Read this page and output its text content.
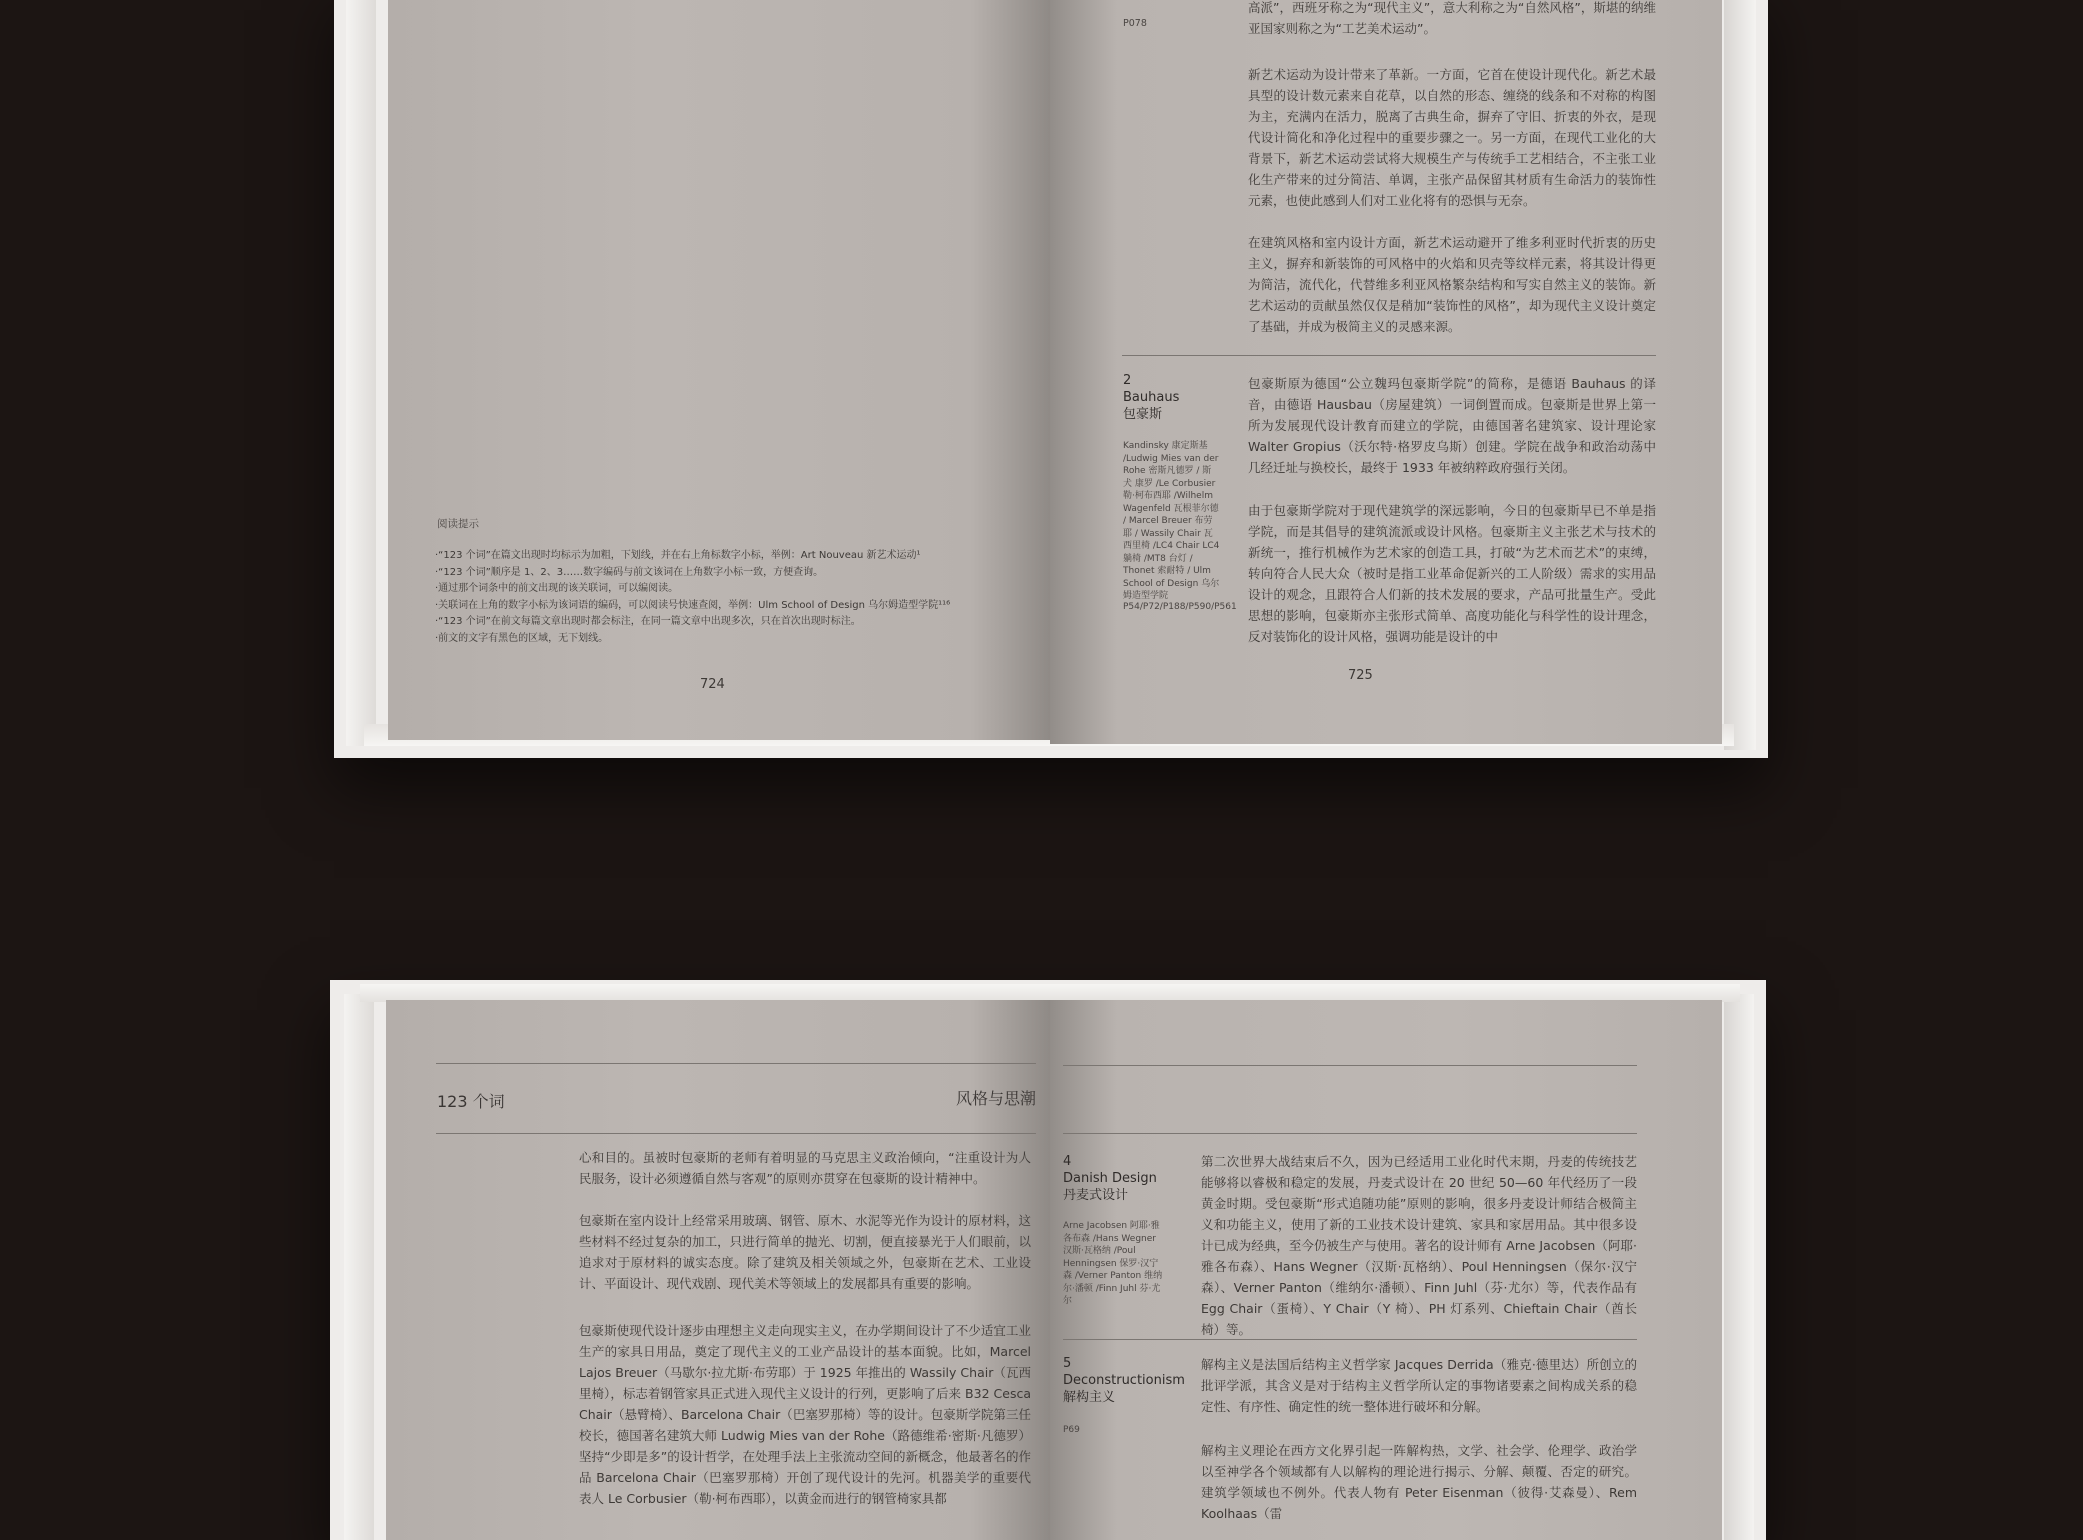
阅读提示
·“123 个词”在篇文出现时均标示为加粗，下划线，并在右上角标数字小标，举例：Art Nouveau 新艺术运动¹
·“123 个词”顺序是 1、2、3……数字编码与前文该词在上角数字小标一致，方便查询。
·通过那个词条中的前文出现的该关联词，可以编阅读。
·关联词在上角的数字小标为该词语的编码，可以阅读号快速查阅，举例：Ulm School of Design 乌尔姆造型学院¹¹⁶
·“123 个词”在前文每篇文章出现时都会标注，在同一篇文章中出现多次，只在首次出现时标注。
·前文的文字有黑色的区域，无下划线。
724
P078
高派”，西班牙称之为“现代主义”，意大利称之为“自然风格”，斯堪的纳维亚国家则称之为“工艺美术运动”。
新艺术运动为设计带来了革新。一方面，它首在使设计现代化。新艺术最具型的设计数元素来自花草，以自然的形态、缠绕的线条和不对称的构图为主，充满内在活力，脱离了古典生命，摒弃了守旧、折衷的外衣，是现代设计简化和净化过程中的重要步骤之一。另一方面，在现代工业化的大背景下，新艺术运动尝试将大规模生产与传统手工艺相结合，不主张工业化生产带来的过分简洁、单调，主张产品保留其材质有生命活力的装饰性元素，也使此感到人们对工业化将有的恐惧与无奈。
在建筑风格和室内设计方面，新艺术运动避开了维多利亚时代折衷的历史主义，摒弃和新装饰的可风格中的火焰和贝壳等纹样元素，将其设计得更为简洁，流代化，代替维多利亚风格繁杂结构和写实自然主义的装饰。新艺术运动的贡献虽然仅仅是稍加“装饰性的风格”，却为现代主义设计奠定了基础，并成为极简主义的灵感来源。
2
Bauhaus
包豪斯
Kandinsky 康定斯基 /Ludwig Mies van der Rohe 密斯凡德罗 / 斯 犬 康罗 /Le Corbusier 勒·柯布西耶 /Wilhelm Wagenfeld 瓦根菲尔德 / Marcel Breuer 布劳耶 / Wassily Chair 瓦西里椅 /LC4 Chair LC4 躺椅 /MT8 台灯 / Thonet 索耐特 / Ulm School of Design 乌尔姆造型学院
P54/P72/P188/P590/P561
包豪斯原为德国“公立魏玛包豪斯学院”的简称，是德语 Bauhaus 的译音，由德语 Hausbau（房屋建筑）一词倒置而成。包豪斯是世界上第一所为发展现代设计教育而建立的学院，由德国著名建筑家、设计理论家 Walter Gropius（沃尔特·格罗皮乌斯）创建。学院在战争和政治动荡中几经迁址与换校长，最终于 1933 年被纳粹政府强行关闭。
由于包豪斯学院对于现代建筑学的深远影响，今日的包豪斯早已不单是指学院，而是其倡导的建筑流派或设计风格。包豪斯主义主张艺术与技术的新统一，推行机械作为艺术家的创造工具，打破“为艺术而艺术”的束缚，转向符合人民大众（被时是指工业革命促新兴的工人阶级）需求的实用品设计的观念，且跟符合人们新的技术发展的要求，产品可批量生产。受此思想的影响，包豪斯亦主张形式简单、高度功能化与科学性的设计理念，反对装饰化的设计风格，强调功能是设计的中
725
123 个词	风格与思潮
心和目的。虽被时包豪斯的老师有着明显的马克思主义政治倾向，“注重设计为人民服务，设计必须遵循自然与客观”的原则亦贯穿在包豪斯的设计精神中。
包豪斯在室内设计上经常采用玻璃、钢管、原木、水泥等光作为设计的原材料，这些材料不经过复杂的加工，只进行简单的抛光、切割，便直接暴光于人们眼前，以追求对于原材料的诚实态度。除了建筑及相关领域之外，包豪斯在艺术、工业设计、平面设计、现代戏剧、现代美术等领域上的发展都具有重要的影响。
包豪斯使现代设计逐步由理想主义走向现实主义，在办学期间设计了不少适宜工业生产的家具日用品，奠定了现代主义的工业产品设计的基本面貌。比如，Marcel Lajos Breuer（马歇尔·拉尤斯·布劳耶）于 1925 年推出的 Wassily Chair（瓦西里椅），标志着钢管家具正式进入现代主义设计的行列，更影响了后来 B32 Cesca Chair（悬臂椅）、Barcelona Chair（巴塞罗那椅）等的设计。包豪斯学院第三任校长，德国著名建筑大师 Ludwig Mies van der Rohe（路德维希·密斯·凡德罗）坚持“少即是多”的设计哲学，在处理手法上主张流动空间的新概念，他最著名的作品 Barcelona Chair（巴塞罗那椅）开创了现代设计的先河。机器美学的重要代表人 Le Corbusier（勒·柯布西耶），以黄金而进行的钢管椅家具都
4
Danish Design
丹麦式设计
Arne Jacobsen 阿耶·雅各布森 /Hans Wegner 汉斯·瓦格纳 /Poul Henningsen 保罗·汉宁森 /Verner Panton 维纳尔·潘顿 /Finn Juhl 芬·尤尔
第二次世界大战结束后不久，因为已经适用工业化时代末期，丹麦的传统技艺能够将以睿极和稳定的发展，丹麦式设计在 20 世纪 50—60 年代经历了一段黄金时期。受包豪斯“形式追随功能”原则的影响，很多丹麦设计师结合极简主义和功能主义，使用了新的工业技术设计建筑、家具和家居用品。其中很多设计已成为经典，至今仍被生产与使用。著名的设计师有 Arne Jacobsen（阿耶·雅各布森）、Hans Wegner（汉斯·瓦格纳）、Poul Henningsen（保尔·汉宁森）、Verner Panton（维纳尔·潘顿）、Finn Juhl（芬·尤尔）等，代表作品有 Egg Chair（蛋椅）、Y Chair（Y 椅）、PH 灯系列、Chieftain Chair（酋长椅）等。
5
Deconstructionism
解构主义
P69
解构主义是法国后结构主义哲学家 Jacques Derrida（雅克·德里达）所创立的批评学派，其含义是对于结构主义哲学所认定的事物诸要素之间构成关系的稳定性、有序性、确定性的统一整体进行破坏和分解。
解构主义理论在西方文化界引起一阵解构热，文学、社会学、伦理学、政治学以至神学各个领域都有人以解构的理论进行揭示、分解、颠覆、否定的研究。建筑学领域也不例外。代表人物有 Peter Eisenman（彼得·艾森曼）、Rem Koolhaas（雷
